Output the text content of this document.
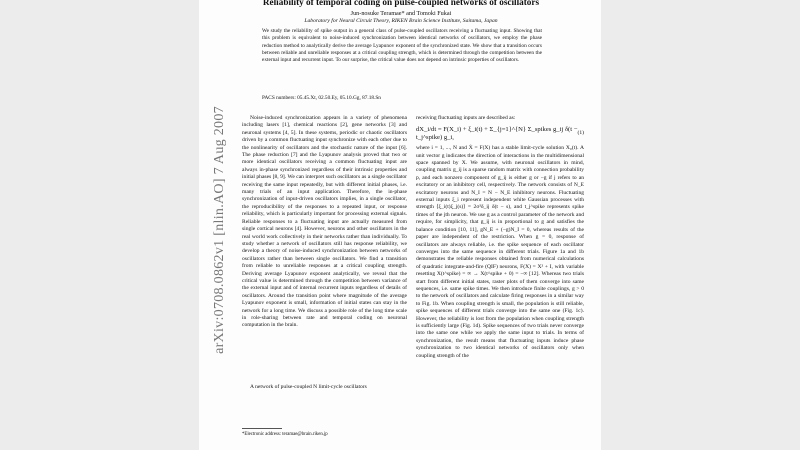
arXiv:0708.0862v1 [nlin.AO] 7 Aug 2007
Reliability of temporal coding on pulse-coupled networks of oscillators
Jun-nosuke Teramae* and Tomoki Fukai
Laboratory for Neural Circuit Theory, RIKEN Brain Science Institute, Saitama, Japan
We study the reliability of spike output in a general class of pulse-coupled oscillators receiving a fluctuating input. Showing that this problem is equivalent to noise-induced synchronization between identical networks of oscillators, we employ the phase reduction method to analytically derive the average Lyapunov exponent of the synchronized state. We show that a transition occurs between reliable and unreliable responses at a critical coupling strength, which is determined through the competition between the external input and recurrent input. To our surprise, the critical value does not depend on intrinsic properties of oscillators.
PACS numbers: 05.45.Xt, 02.50.Ey, 05.10.Gg, 87.18.Sn

Noise-induced synchronization appears in a variety of phenomena including lasers [1], chemical reactions [2], gene networks [3] and neuronal systems [4, 5]. In these systems, periodic or chaotic oscillators driven by a common fluctuating input synchronize with each other due to the nonlinearity of oscillators and the stochastic nature of the input [6]. The phase reduction [7] and the Lyapunov analysis proved that two or more identical oscillators receiving a common fluctuating input are always in-phase synchronized regardless of their intrinsic properties and initial phases [8, 9]. We can interpret such oscillators as a single oscillator receiving the same input repeatedly, but with different initial phases, i.e. many trials of an input application. Therefore, the in-phase synchronization of input-driven oscillators implies, in a single oscillator, the reproducibility of the responses to a repeated input, or response reliability, which is particularly important for processing external signals. Reliable responses to a fluctuating input are actually measured from single cortical neurons [4]. However, neurons and other oscillators in the real world work collectively in their networks rather than individually. To study whether a network of oscillators still has response reliability, we develop a theory of noise-induced synchronization between networks of oscillators rather than between single oscillators. We find a transition from reliable to unreliable responses at a critical coupling strength. Deriving average Lyapunov exponent analytically, we reveal that the critical value is determined through the competition between variance of the external input and of internal recurrent inputs regardless of details of oscillators. Around the transition point where magnitude of the average Lyapunov exponent is small, information of initial states can stay in the network for a long time. We discuss a possible role of the long time scale in role-sharing between rate and temporal coding on neuronal computation in the brain.

A network of pulse-coupled N limit-cycle oscillators
*Electronic address: teramae@brain.riken.jp
receiving fluctuating inputs are described as:
dX_i/dt = F(X_i) + ξ_i(t) + Σ_{j=1}^{N} Σ_spikes g_ij δ(t − t_j^spike) g_i,
(1)
where i = 1, ..., N and Ẋ = F(X) has a stable limit-cycle solution X₀(t). A unit vector g indicates the direction of interactions in the multidimensional space spanned by X. We assume, with neuronal oscillators in mind, coupling matrix g_ij is a sparse random matrix with connection probability p, and each nonzero component of g_ij is either g or −g if j refers to an excitatory or an inhibitory cell, respectively. The network consists of N_E excitatory neurons and N_I = N − N_E inhibitory neurons. Fluctuating external inputs ξ_i represent independent white Gaussian processes with strength ⟨ξ_i(t)ξ_j(s)⟩ = 2σ²δ_ij δ(t − s), and t_j^spike represents spike times of the jth neuron. We use g as a control parameter of the network and require, for simplicity, that g_ij is in proportional to g and satisfies the balance condition [10, 11], gN_E + (−g)N_I = 0, whereas results of the paper are independent of the restriction. When g = 0, response of oscillators are always reliable, i.e. the spike sequence of each oscillator converges into the same sequence in different trials. Figure 1a and 1b demonstrates the reliable responses obtained from numerical calculations of quadratic integrate-and-fire (QIF) neurons, F(X) = X² + I, with variable resetting X(t^spike) = ∞ → X(t^spike + 0) = −∞ [12]. Whereas two trials start from different initial states, raster plots of them converge into same sequences, i.e. same spike times. We then introduce finite couplings, g > 0 to the network of oscillators and calculate firing responses in a similar way to Fig. 1b. When coupling strength is small, the population is still reliable, spike sequences of different trials converge into the same one (Fig. 1c). However, the reliability is lost from the population when coupling strength is sufficiently large (Fig. 1d). Spike sequences of two trials never converge into the same one while we apply the same input to trials. In terms of synchronization, the result means that fluctuating inputs induce phase synchronization to two identical networks of oscillators only when coupling strength of the
